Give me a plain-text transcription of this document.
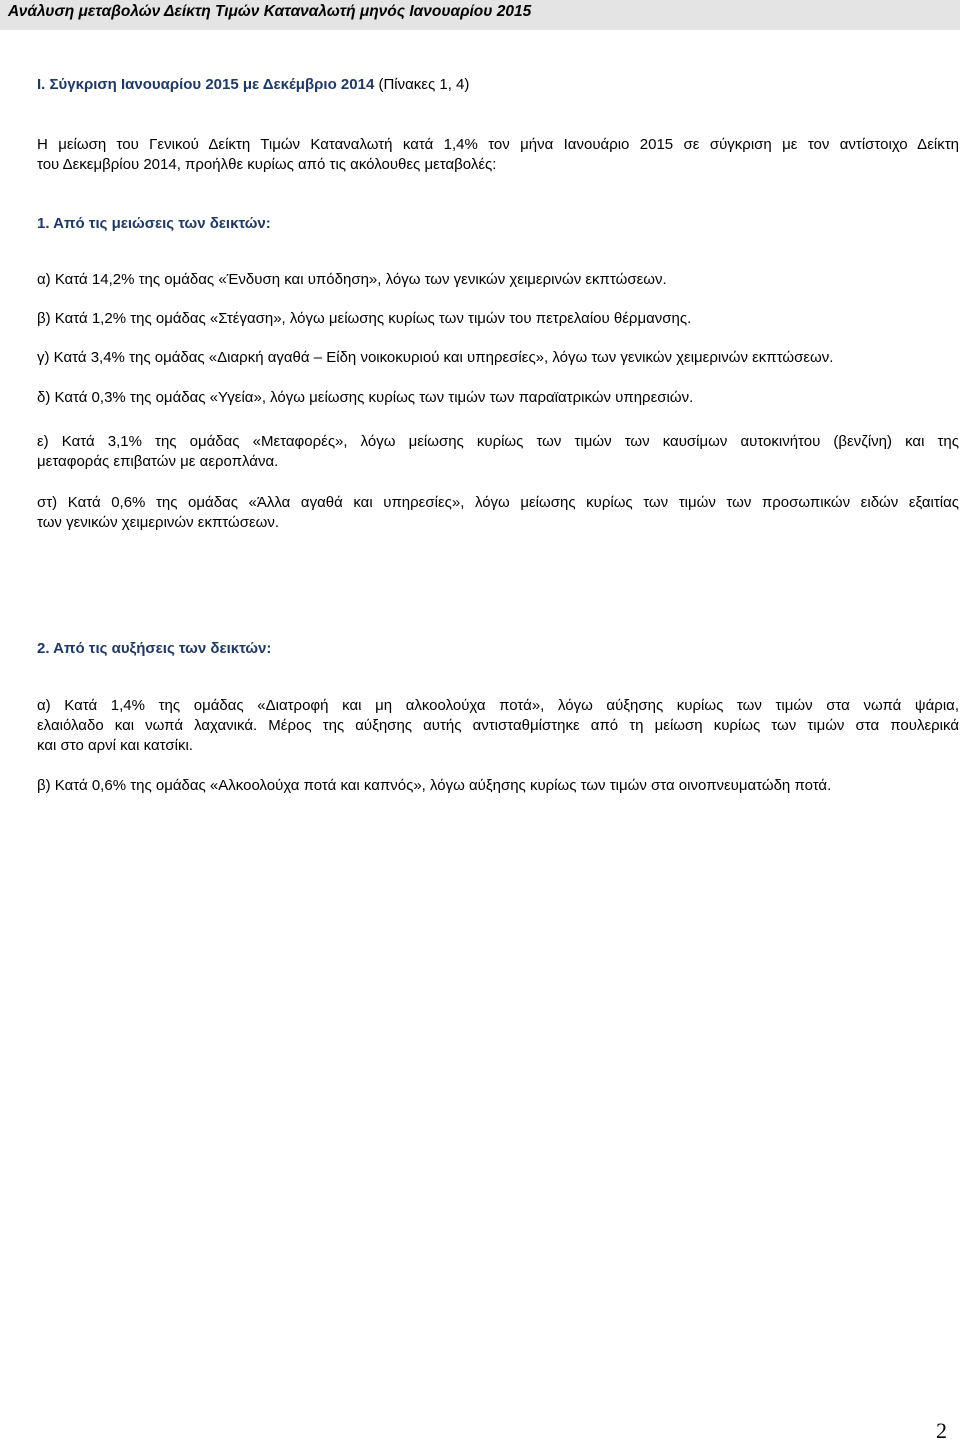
Ανάλυση μεταβολών Δείκτη Τιμών Καταναλωτή μηνός Ιανουαρίου 2015
I. Σύγκριση Ιανουαρίου 2015 με Δεκέμβριο 2014 (Πίνακες 1, 4)
Η μείωση του Γενικού Δείκτη Τιμών Καταναλωτή κατά 1,4% τον μήνα Ιανουάριο 2015 σε σύγκριση με τον αντίστοιχο Δείκτη
του Δεκεμβρίου 2014, προήλθε κυρίως από τις ακόλουθες μεταβολές:
1. Από τις μειώσεις των δεικτών:
α) Κατά 14,2% της ομάδας «Ένδυση και υπόδηση», λόγω των γενικών χειμερινών εκπτώσεων.
β) Κατά 1,2% της ομάδας «Στέγαση», λόγω μείωσης κυρίως των τιμών του πετρελαίου θέρμανσης.
γ) Κατά 3,4% της ομάδας «Διαρκή αγαθά – Είδη νοικοκυριού και υπηρεσίες», λόγω των γενικών χειμερινών εκπτώσεων.
δ) Κατά 0,3% της ομάδας «Υγεία», λόγω μείωσης κυρίως των τιμών των παραϊατρικών υπηρεσιών.
ε) Κατά 3,1% της ομάδας «Μεταφορές», λόγω μείωσης κυρίως των τιμών των καυσίμων αυτοκινήτου (βενζίνη) και της
μεταφοράς επιβατών με αεροπλάνα.
στ) Κατά 0,6% της ομάδας «Άλλα αγαθά και υπηρεσίες», λόγω μείωσης κυρίως των τιμών των προσωπικών ειδών εξαιτίας
των γενικών χειμερινών εκπτώσεων.
2. Από τις αυξήσεις των δεικτών:
α) Κατά 1,4% της ομάδας «Διατροφή και μη αλκοολούχα ποτά», λόγω αύξησης κυρίως των τιμών στα νωπά ψάρια,
ελαιόλαδο και νωπά λαχανικά. Μέρος της αύξησης αυτής αντισταθμίστηκε από τη μείωση κυρίως των τιμών στα πουλερικά
και στο αρνί και κατσίκι.
β) Κατά 0,6% της ομάδας «Αλκοολούχα ποτά και καπνός», λόγω αύξησης κυρίως των τιμών στα οινοπνευματώδη ποτά.
2
